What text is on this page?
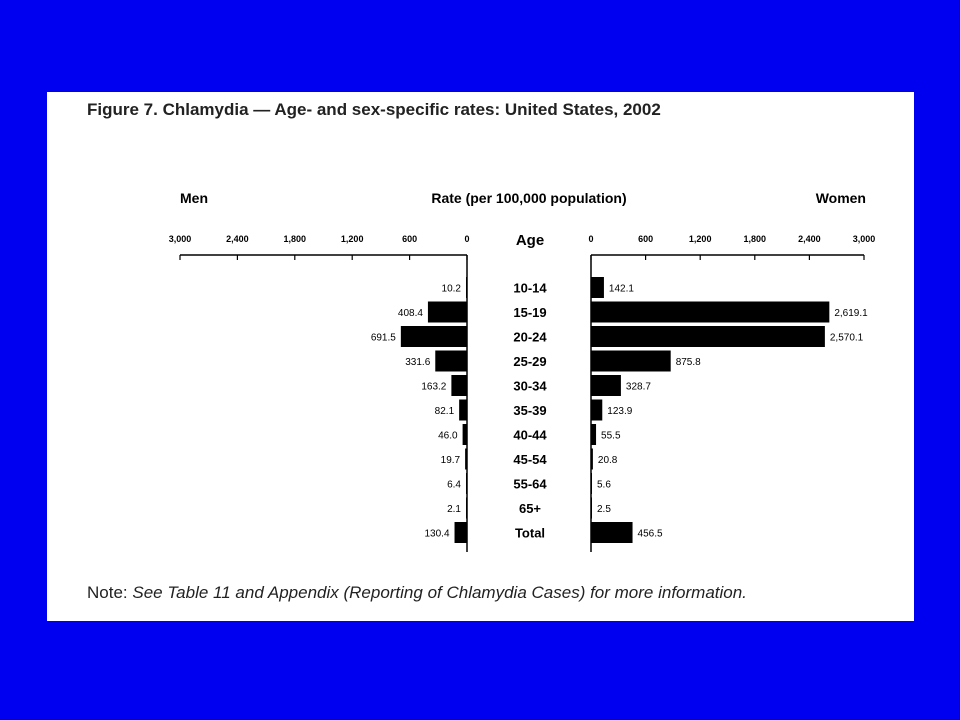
Figure 7. Chlamydia — Age- and sex-specific rates: United States, 2002
Men	Rate (per 100,000 population)	Women
Age
0	0
600	600
1,200	1,200
1,800	1,800
2,400	2,400
3,000	3,000
10-14
10.2	142.1
15-19
408.4	2,619.1
20-24
691.5	2,570.1
25-29
331.6	875.8
30-34
163.2	328.7
35-39
82.1	123.9
40-44
46.0	55.5
45-54
19.7	20.8
55-64
6.4	5.6
65+
2.1	2.5
Total
130.4	456.5
Note: See Table 11 and Appendix (Reporting of Chlamydia Cases) for more information.
